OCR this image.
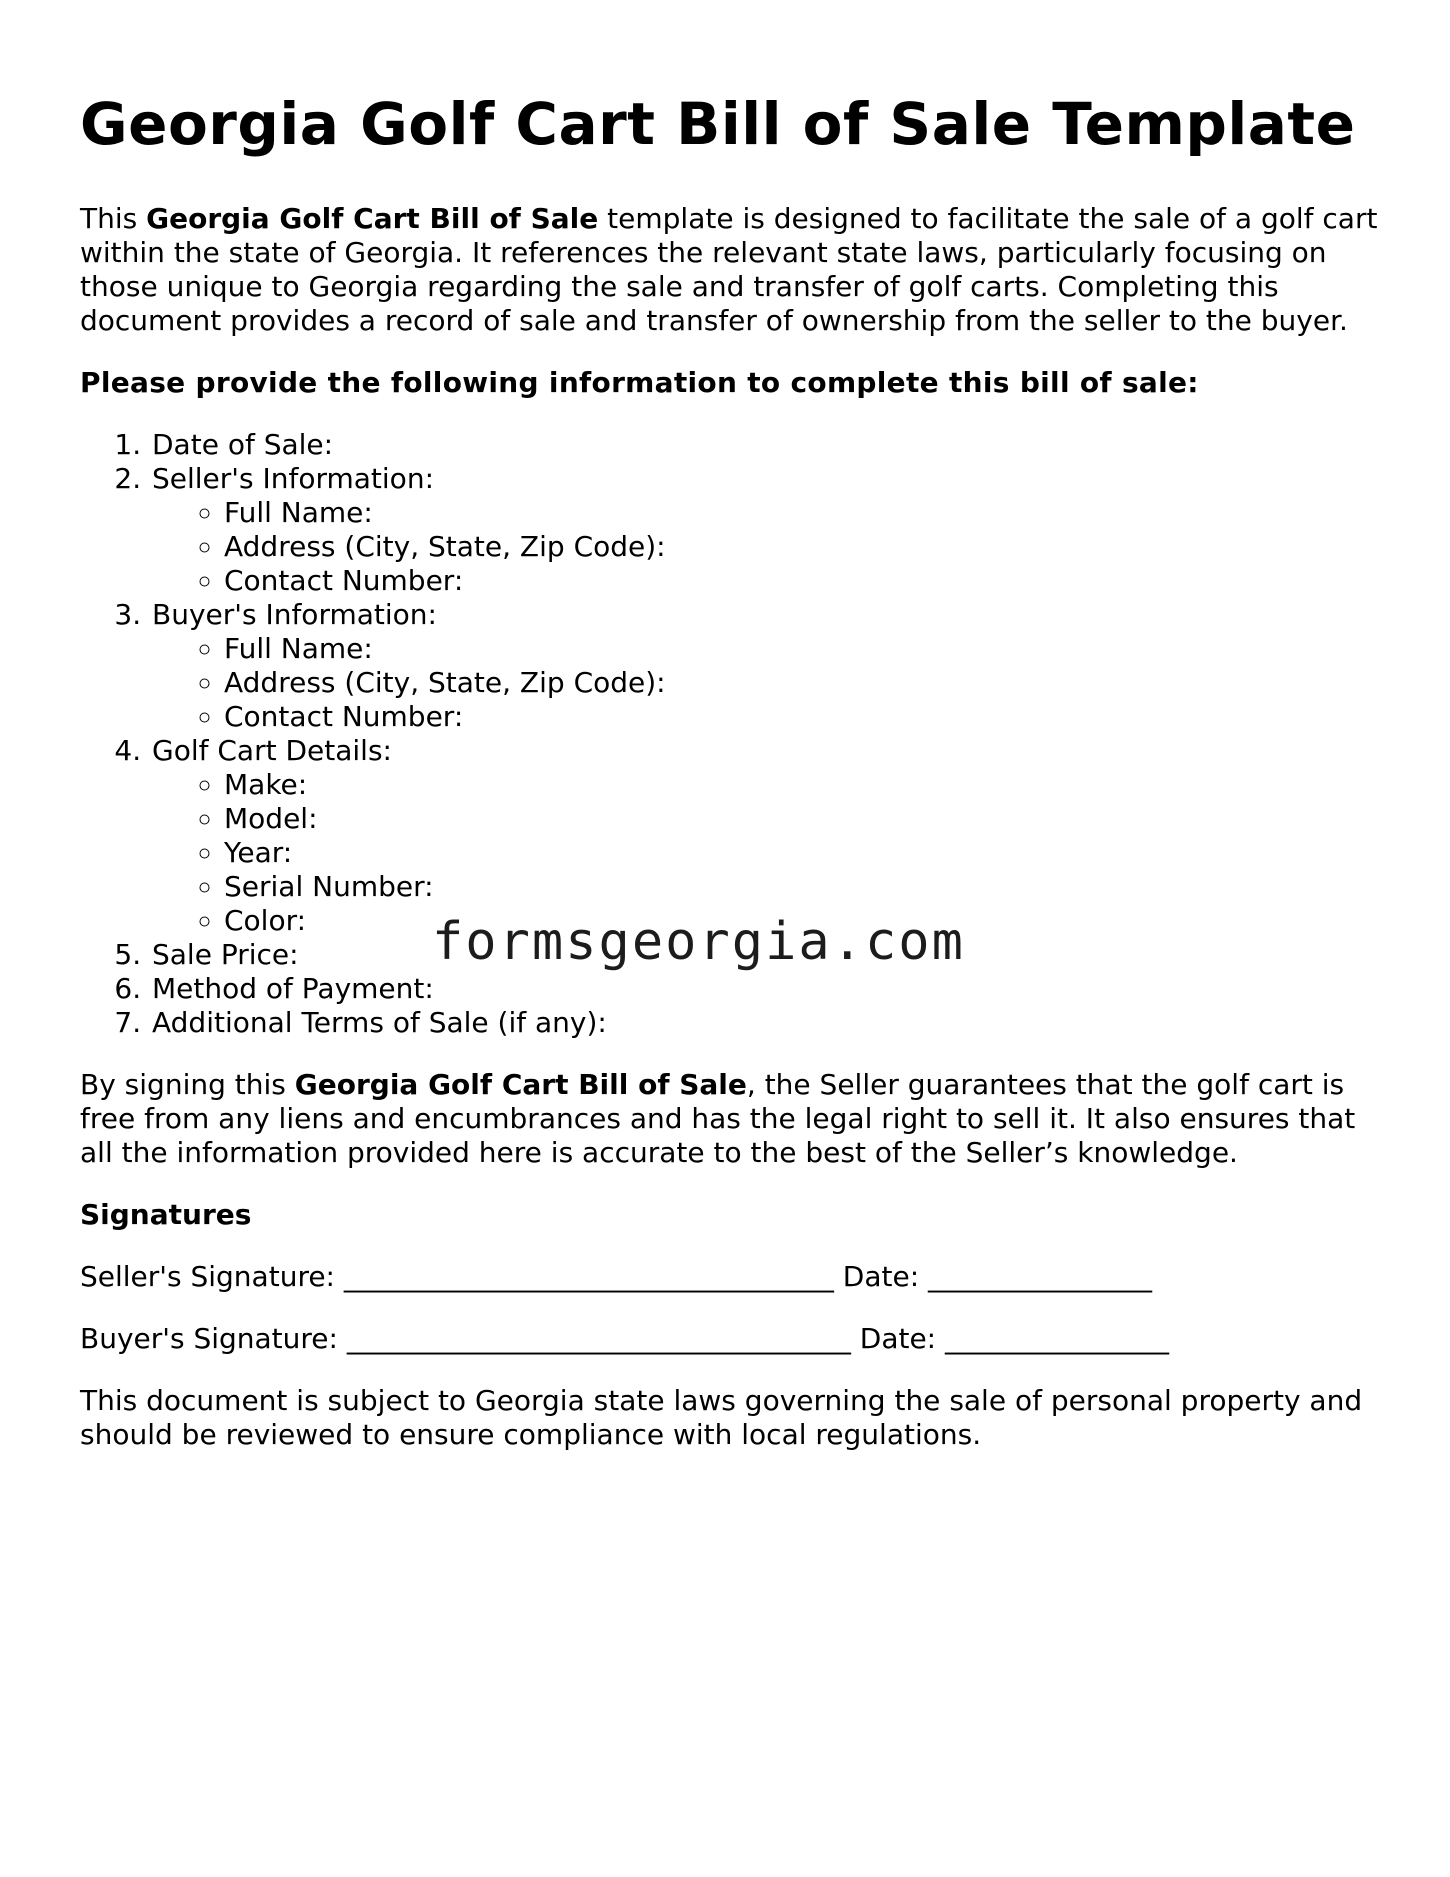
Georgia Golf Cart Bill of Sale Template

This Georgia Golf Cart Bill of Sale template is designed to facilitate the sale of a golf cart within the state of Georgia. It references the relevant state laws, particularly focusing on those unique to Georgia regarding the sale and transfer of golf carts. Completing this document provides a record of sale and transfer of ownership from the seller to the buyer.

Please provide the following information to complete this bill of sale:

1. Date of Sale:
2. Seller's Information:
◦ Full Name:
◦ Address (City, State, Zip Code):
◦ Contact Number:
3. Buyer's Information:
◦ Full Name:
◦ Address (City, State, Zip Code):
◦ Contact Number:
4. Golf Cart Details:
◦ Make:
◦ Model:
◦ Year:
◦ Serial Number:
◦ Color:
5. Sale Price:
6. Method of Payment:
7. Additional Terms of Sale (if any):

By signing this Georgia Golf Cart Bill of Sale, the Seller guarantees that the golf cart is free from any liens and encumbrances and has the legal right to sell it. It also ensures that all the information provided here is accurate to the best of the Seller’s knowledge.

Signatures

Seller's Signature: ___________________________________ Date: ________________

Buyer's Signature: ____________________________________ Date: ________________

This document is subject to Georgia state laws governing the sale of personal property and should be reviewed to ensure compliance with local regulations.

formsgeorgia.com
